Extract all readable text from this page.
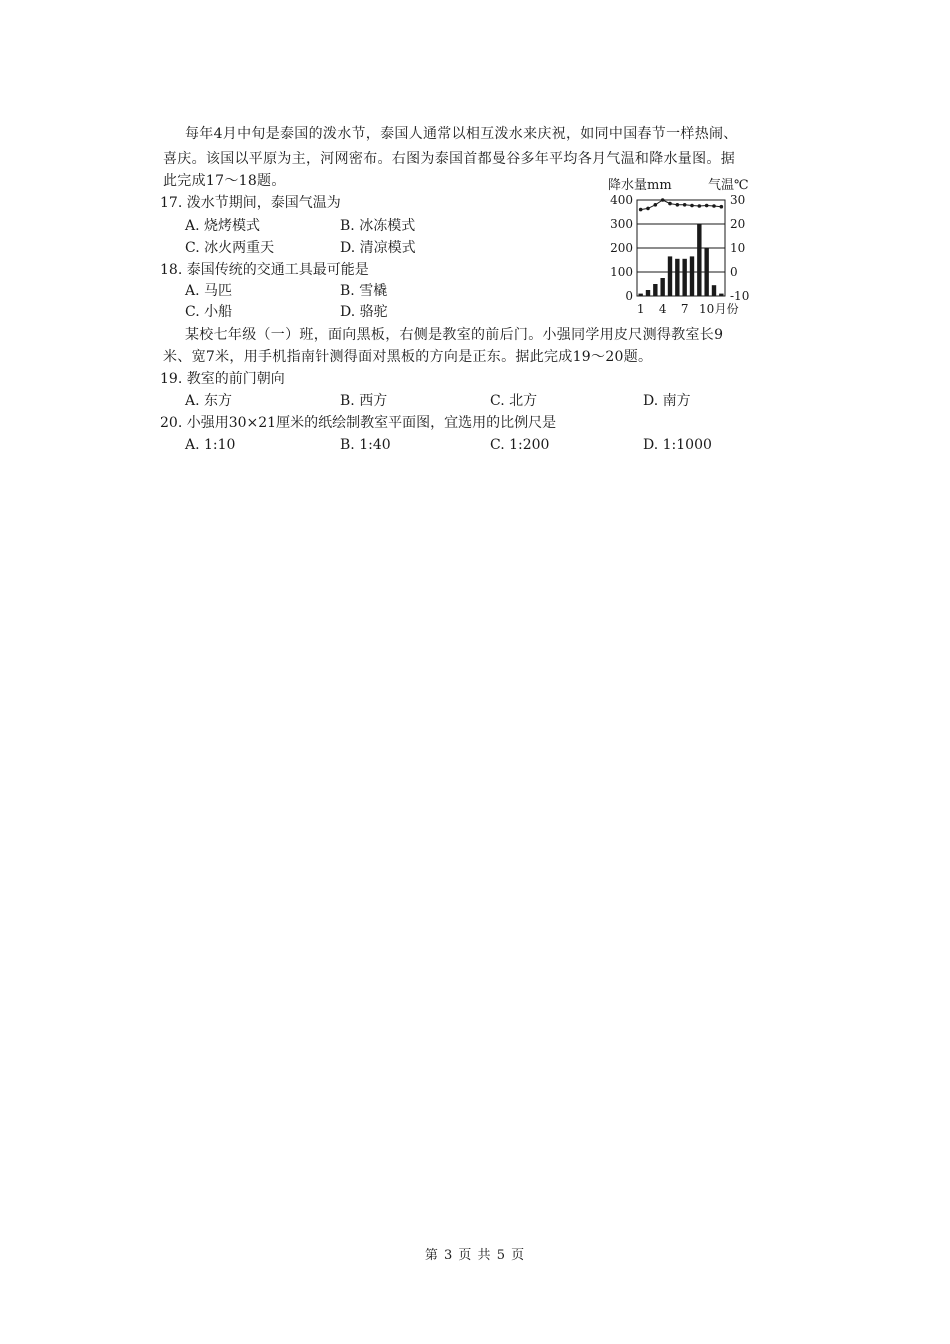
每年4月中旬是泰国的泼水节，泰国人通常以相互泼水来庆祝，如同中国春节一样热闹、
喜庆。该国以平原为主，河网密布。右图为泰国首都曼谷多年平均各月气温和降水量图。据
此完成17～18题。
17. 泼水节期间，泰国气温为
A. 烧烤模式	B. 冰冻模式
C. 冰火两重天	D. 清凉模式
18. 泰国传统的交通工具最可能是
A. 马匹	B. 雪橇
C. 小船	D. 骆驼
某校七年级（一）班，面向黑板，右侧是教室的前后门。小强同学用皮尺测得教室长9
米、宽7米，用手机指南针测得面对黑板的方向是正东。据此完成19～20题。
19. 教室的前门朝向
A. 东方	B. 西方	C. 北方	D. 南方
20. 小强用30×21厘米的纸绘制教室平面图，宜选用的比例尺是
A. 1:10	B. 1:40	C. 1:200	D. 1:1000
降水量mm	气温℃
0
100
200
300
400
-10
0
10
20
30
1 4 7 10 月份
第 3 页 共 5 页
